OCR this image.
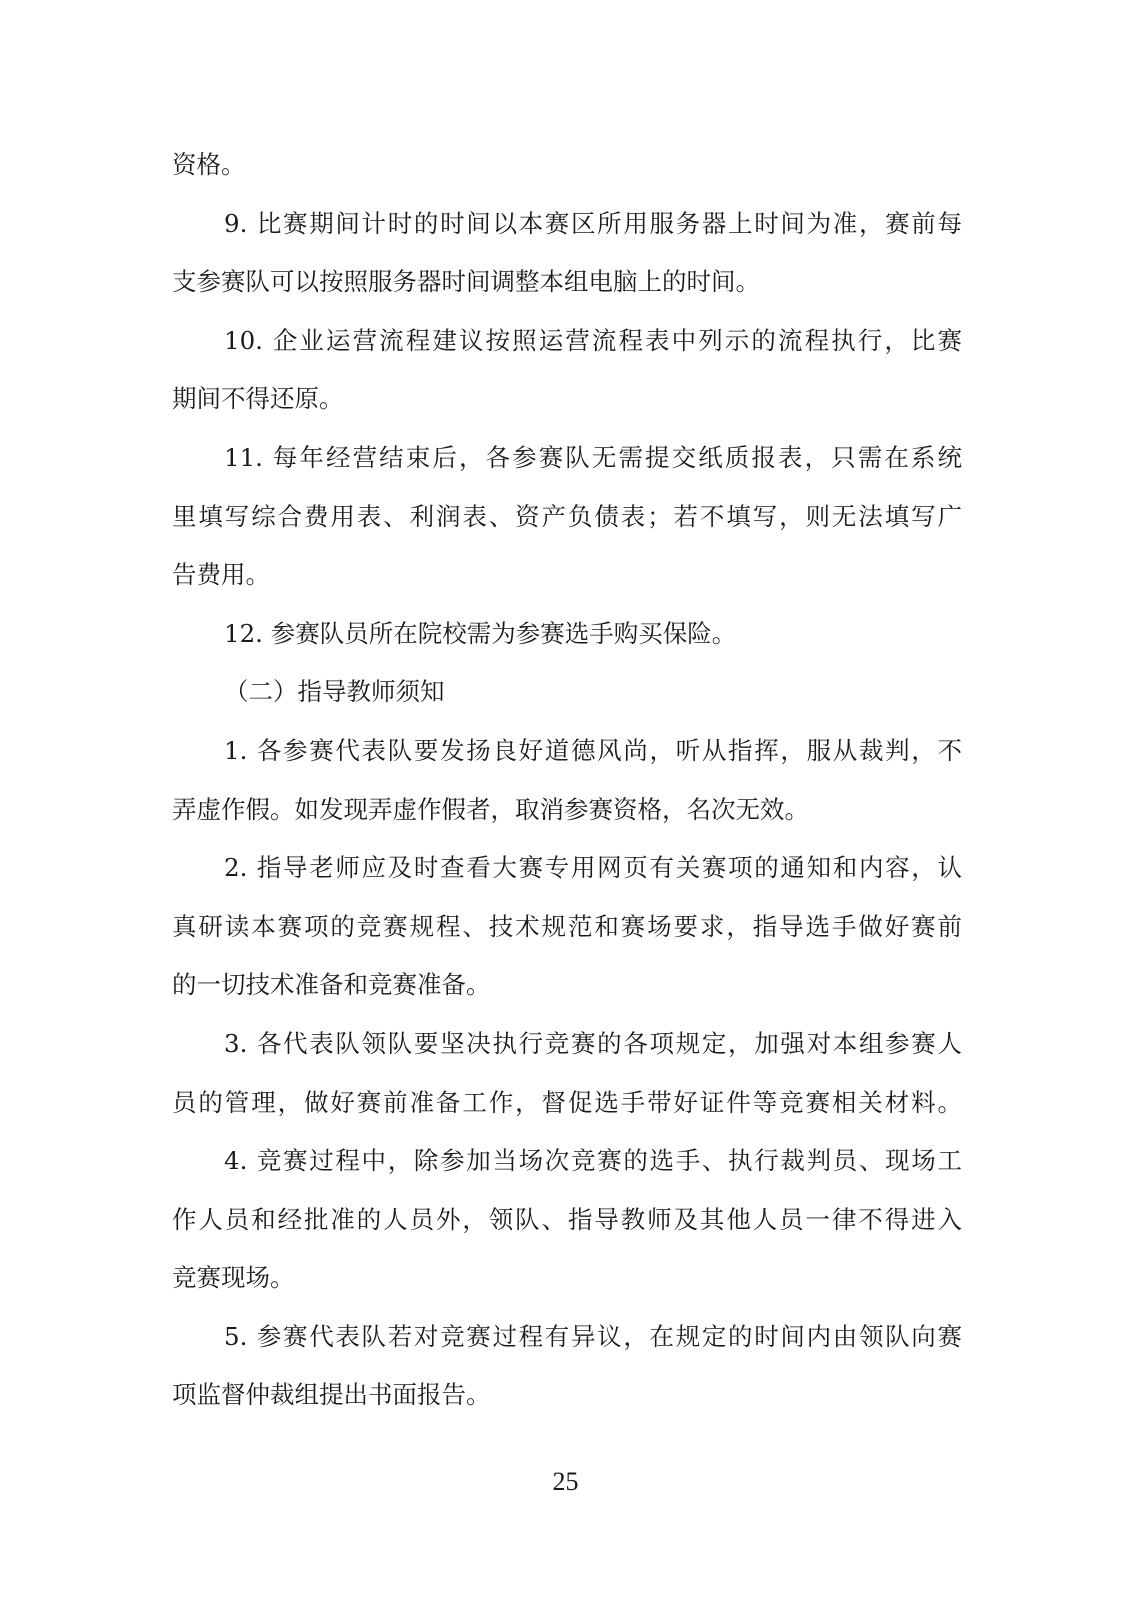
资格。
9. 比赛期间计时的时间以本赛区所用服务器上时间为准，赛前每
支参赛队可以按照服务器时间调整本组电脑上的时间。
10. 企业运营流程建议按照运营流程表中列示的流程执行，比赛
期间不得还原。
11. 每年经营结束后，各参赛队无需提交纸质报表，只需在系统
里填写综合费用表、利润表、资产负债表；若不填写，则无法填写广
告费用。
12. 参赛队员所在院校需为参赛选手购买保险。
（二）指导教师须知
1. 各参赛代表队要发扬良好道德风尚，听从指挥，服从裁判，不
弄虚作假。如发现弄虚作假者，取消参赛资格，名次无效。
2. 指导老师应及时查看大赛专用网页有关赛项的通知和内容，认
真研读本赛项的竞赛规程、技术规范和赛场要求，指导选手做好赛前
的一切技术准备和竞赛准备。
3. 各代表队领队要坚决执行竞赛的各项规定，加强对本组参赛人
员的管理，做好赛前准备工作，督促选手带好证件等竞赛相关材料。
4. 竞赛过程中，除参加当场次竞赛的选手、执行裁判员、现场工
作人员和经批准的人员外，领队、指导教师及其他人员一律不得进入
竞赛现场。
5. 参赛代表队若对竞赛过程有异议，在规定的时间内由领队向赛
项监督仲裁组提出书面报告。
25
